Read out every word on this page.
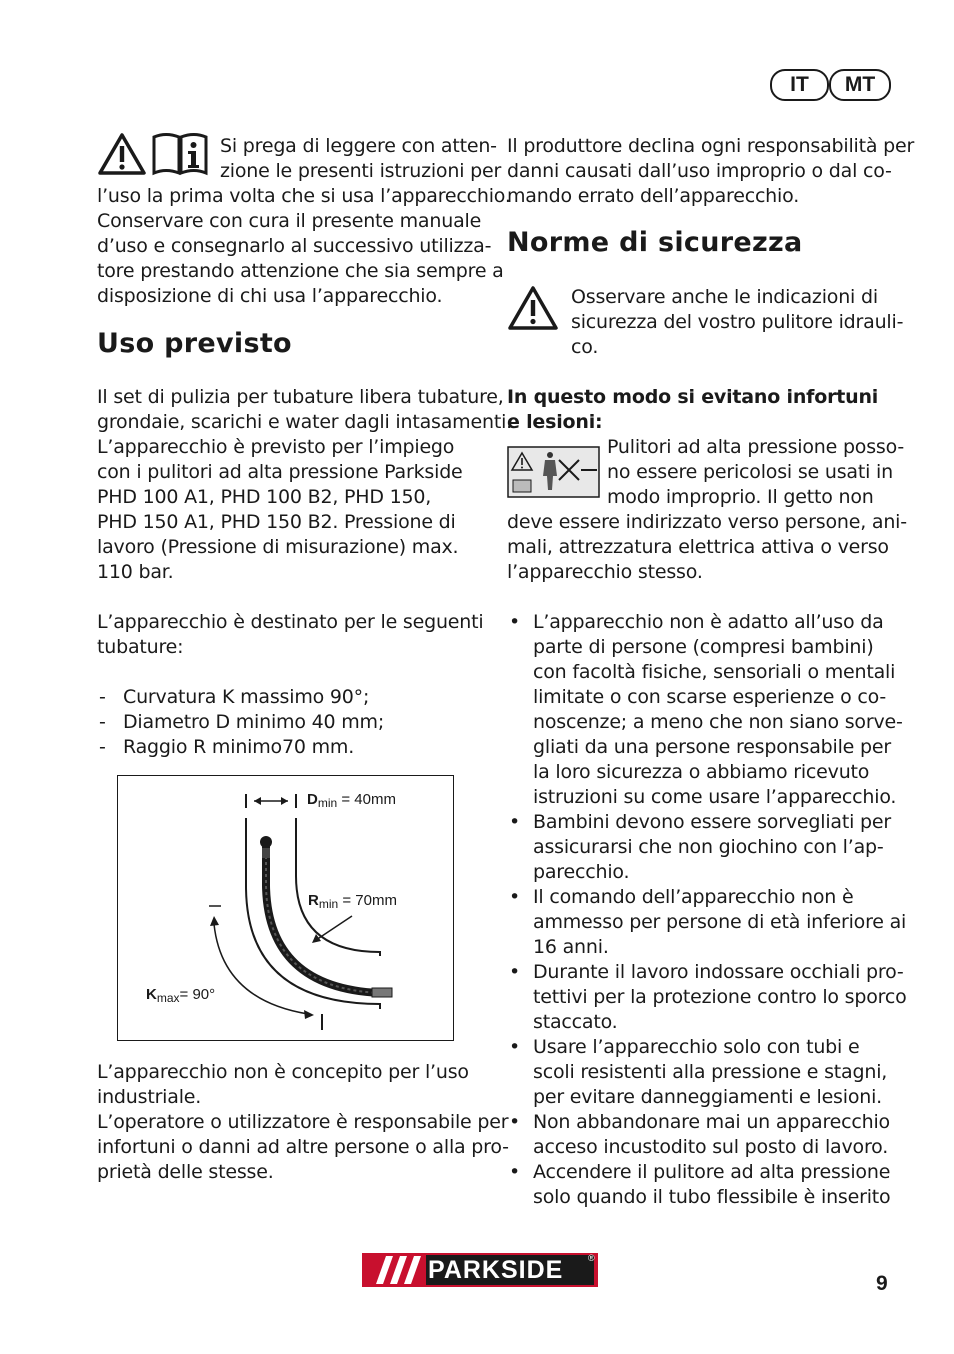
IT	MT
Si prega di leggere con atten-
zione le presenti istruzioni per
l’uso la prima volta che si usa l’apparecchio.
Conservare con cura il presente manuale
d’uso e consegnarlo al successivo utilizza-
tore prestando attenzione che sia sempre a
disposizione di chi usa l’apparecchio.
Uso previsto
Il set di pulizia per tubature libera tubature,
grondaie, scarichi e water dagli intasamenti.
L’apparecchio è previsto per l’impiego
con i pulitori ad alta pressione Parkside
PHD 100 A1, PHD 100 B2, PHD 150,
PHD 150 A1, PHD 150 B2. Pressione di
lavoro (Pressione di misurazione) max.
110 bar.
L’apparecchio è destinato per le seguenti
tubature:
- Curvatura K massimo 90°;
- Diametro D minimo 40 mm;
- Raggio R minimo70 mm.
$D_{min} = 40mm$
$R_{min} = 70mm$
$K_{max}= 90^\circ$
L’apparecchio non è concepito per l’uso
industriale.
L’operatore o utilizzatore è responsabile per
infortuni o danni ad altre persone o alla pro-
prietà delle stesse.
Il produttore declina ogni responsabilità per
danni causati dall’uso improprio o dal co-
mando errato dell’apparecchio.
Norme di sicurezza
Osservare anche le indicazioni di
sicurezza del vostro pulitore idrauli-
co.
In questo modo si evitano infortuni
e lesioni:
Pulitori ad alta pressione posso-
no essere pericolosi se usati in
modo improprio. Il getto non
deve essere indirizzato verso persone, ani-
mali, attrezzatura elettrica attiva o verso
l’apparecchio stesso.
• L’apparecchio non è adatto all’uso da
parte di persone (compresi bambini)
con facoltà fisiche, sensoriali o mentali
limitate o con scarse esperienze o co-
noscenze; a meno che non siano sorve-
gliati da una persone responsabile per
la loro sicurezza o abbiamo ricevuto
istruzioni su come usare l’apparecchio.
• Bambini devono essere sorvegliati per
assicurarsi che non giochino con l’ap-
parecchio.
• Il comando dell’apparecchio non è
ammesso per persone di età inferiore ai
16 anni.
• Durante il lavoro indossare occhiali pro-
tettivi per la protezione contro lo sporco
staccato.
• Usare l’apparecchio solo con tubi e
scoli resistenti alla pressione e stagni,
per evitare danneggiamenti e lesioni.
• Non abbandonare mai un apparecchio
acceso incustodito sul posto di lavoro.
• Accendere il pulitore ad alta pressione
solo quando il tubo flessibile è inserito
PARKSIDE	®
9
